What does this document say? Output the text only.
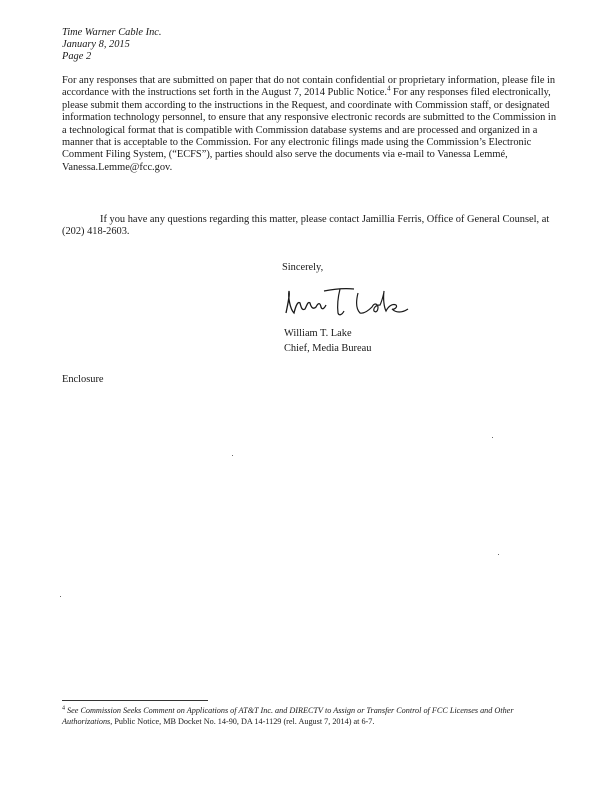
Time Warner Cable Inc.
January 8, 2015
Page 2

For any responses that are submitted on paper that do not contain confidential or proprietary information, please file in accordance with the instructions set forth in the August 7, 2014 Public Notice.$^4$ For any responses filed electronically, please submit them according to the instructions in the Request, and coordinate with Commission staff, or designated information technology personnel, to ensure that any responsive electronic records are submitted to the Commission in a technological format that is compatible with Commission database systems and are processed and organized in a manner that is acceptable to the Commission. For any electronic filings made using the Commission’s Electronic Comment Filing System, (“ECFS”), parties should also serve the documents via e-mail to Vanessa Lemmé, Vanessa.Lemme@fcc.gov.

If you have any questions regarding this matter, please contact Jamillia Ferris, Office of General Counsel, at (202) 418-2603.

Sincerely,
William T. Lake
Chief, Media Bureau
Enclosure

$^4$ See Commission Seeks Comment on Applications of AT&T Inc. and DIRECTV to Assign or Transfer Control of FCC Licenses and Other Authorizations, Public Notice, MB Docket No. 14-90, DA 14-1129 (rel. August 7, 2014) at 6-7.
